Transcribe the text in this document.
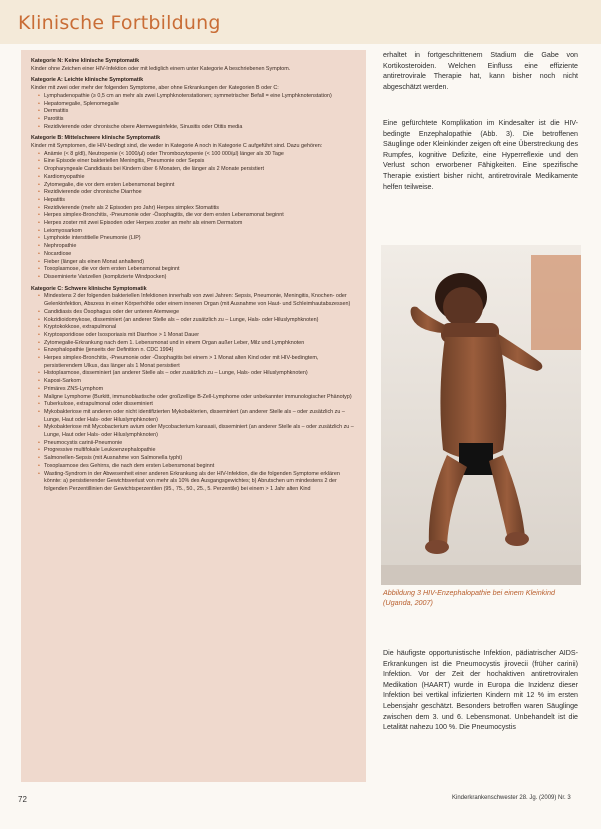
Klinische Fortbildung
Kategorie N: Keine klinische Symptomatik

Kinder ohne Zeichen einer HIV-Infektion oder mit lediglich einem unter Kategorie A beschriebenen Symptom.

Kategorie A: Leichte klinische Symptomatik

Kinder mit zwei oder mehr der folgenden Symptome, aber ohne Erkrankungen der Kategorien B oder C:

• Lymphadenopathie (≥ 0,5 cm an mehr als zwei Lymphknotenstationen; symmetrischer Befall = eine Lymphknotenstation)
• Hepatomegalie, Splenomegalie
• Dermatitis
• Parotitis
• Rezidivierende oder chronische obere Atemwegsinfekte, Sinusitis oder Otitis media
Kategorie B: Mittelschwere klinische Symptomatik

Kinder mit Symptomen, die HIV-bedingt sind, die weder in Kategorie A noch in Kategorie C aufgeführt sind. Dazu gehören:

• Anämie (< 8 g/dl), Neutropenie (< 1000/µl) oder Thrombozytopenie (< 100 000/µl) länger als 30 Tage
• Eine Episode einer bakteriellen Meningitis, Pneumonie oder Sepsis
• Oropharyngeale Candidiasis bei Kindern über 6 Monaten, die länger als 2 Monate persistiert
• Kardiomyopathie
• Zytomegalie, die vor dem ersten Lebensmonat beginnt
• Rezidivierende oder chronische Diarrhoe
• Hepatitis
• Rezidivierende (mehr als 2 Episoden pro Jahr) Herpes simplex Stomatitis
• Herpes simplex-Bronchitis, -Pneumonie oder -Ösophagitis, die vor dem ersten Lebensmonat beginnt
• Herpes zoster mit zwei Episoden oder Herpes zoster an mehr als einem Dermatom
• Leiomyosarkom
• Lymphoide interstitielle Pneumonie (LIP)
• Nephropathie
• Nocardiose
• Fieber (länger als einen Monat anhaltend)
• Toxoplasmose, die vor dem ersten Lebensmonat beginnt
• Disseminierte Varizellen (komplizierte Windpocken)
Kategorie C: Schwere klinische Symptomatik
• Mindestens 2 der folgenden bakteriellen Infektionen innerhalb von zwei Jahren: Sepsis, Pneumonie, Meningitis, Knochen- oder Gelenkinfektion, Abszess in einer Körperhöhle oder einem inneren Organ (mit Ausnahme von Haut- und Schleimhautabszessen)
• Candidiasis des Ösophagus oder der unteren Atemwege
• Kokzidioidomykose, disseminiert (an anderer Stelle als – oder zusätzlich zu – Lunge, Hals- oder Hiluslymphknoten)
• Kryptokokkose, extrapulmonal
• Kryptosporidiose oder Isosporiasis mit Diarrhoe > 1 Monat Dauer
• Zytomegalie-Erkrankung nach dem 1. Lebensmonat und in einem Organ außer Leber, Milz und Lymphknoten
• Enzephalopathie (jenseits der Definition n. CDC 1994)
• Herpes simplex-Bronchitis, -Pneumonie oder -Ösophagitis bei einem > 1 Monat alten Kind oder mit HIV-bedingtem, persistierendem Ulkus, das länger als 1 Monat persistiert
• Histoplasmose, disseminiert (an anderer Stelle als – oder zusätzlich zu – Lunge, Hals- oder Hiluslymphknoten)
• Kaposi-Sarkom
• Primäres ZNS-Lymphom
• Maligne Lymphome (Burkitt, immunoblastische oder großzellige B-Zell-Lymphome oder unbekannter immunologischer Phänotyp)
• Tuberkulose, extrapulmonal oder disseminiert
• Mykobakteriose mit anderen oder nicht identifizierten Mykobakterien, disseminiert (an anderer Stelle als – oder zusätzlich zu – Lunge, Haut oder Hals- oder Hiluslymphknoten)
• Mykobakteriose mit Mycobacterium avium oder Mycobacterium kansasii, disseminiert (an anderer Stelle als – oder zusätzlich zu – Lunge, Haut oder Hals- oder Hiluslymphknoten)
• Pneumocystis carinii-Pneumonie
• Progressive multifokale Leukoenzephalopathie
• Salmonellen-Sepsis (mit Ausnahme von Salmonella typhi)
• Toxoplasmose des Gehirns, die nach dem ersten Lebensmonat beginnt
• Wasting-Syndrom in der Abwesenheit einer anderen Erkrankung als der HIV-Infektion, die die folgenden Symptome erklären könnte: a) persistierender Gewichtsverlust von mehr als 10% des Ausgangsgewichtes; b) Abrutschen um mindestens 2 der folgenden Perzentillinien der Gewichtsperzentilen (95., 75., 50., 25., 5. Perzentile) bei einem > 1 Jahr alten Kind

erhaltet in fortgeschrittenem Stadium die Gabe von Kortikosteroiden. Welchen Einfluss eine effiziente antiretrovirale Therapie hat, kann bisher noch nicht abgeschätzt werden.

Eine gefürchtete Komplikation im Kindesalter ist die HIV-bedingte Enzephalopathie (Abb. 3). Die betroffenen Säuglinge oder Kleinkinder zeigen oft eine Überstreckung des Rumpfes, kognitive Defizite, eine Hyperreflexie und den Verlust schon erworbener Fähigkeiten. Eine spezifische Therapie existiert bisher nicht, antiretrovirale Medikamente helfen teilweise.

Abbildung 3 HIV-Enzephalopathie bei einem Kleinkind (Uganda, 2007)

Die häufigste opportunistische Infektion, pädiatrischer AIDS-Erkrankungen ist die Pneumocystis jirovecii (früher carinii) Infektion. Vor der Zeit der hochaktiven antiretroviralen Medikation (HAART) wurde in Europa die Inzidenz dieser Infektion bei vertikal infizierten Kindern mit 12 % im ersten Lebensjahr geschätzt. Besonders betroffen waren Säuglinge zwischen dem 3. und 6. Lebensmonat. Unbehandelt ist die Letalität nahezu 100 %. Die Pneumocystis

72	Kinderkrankenschwester 28. Jg. (2009) Nr. 3
